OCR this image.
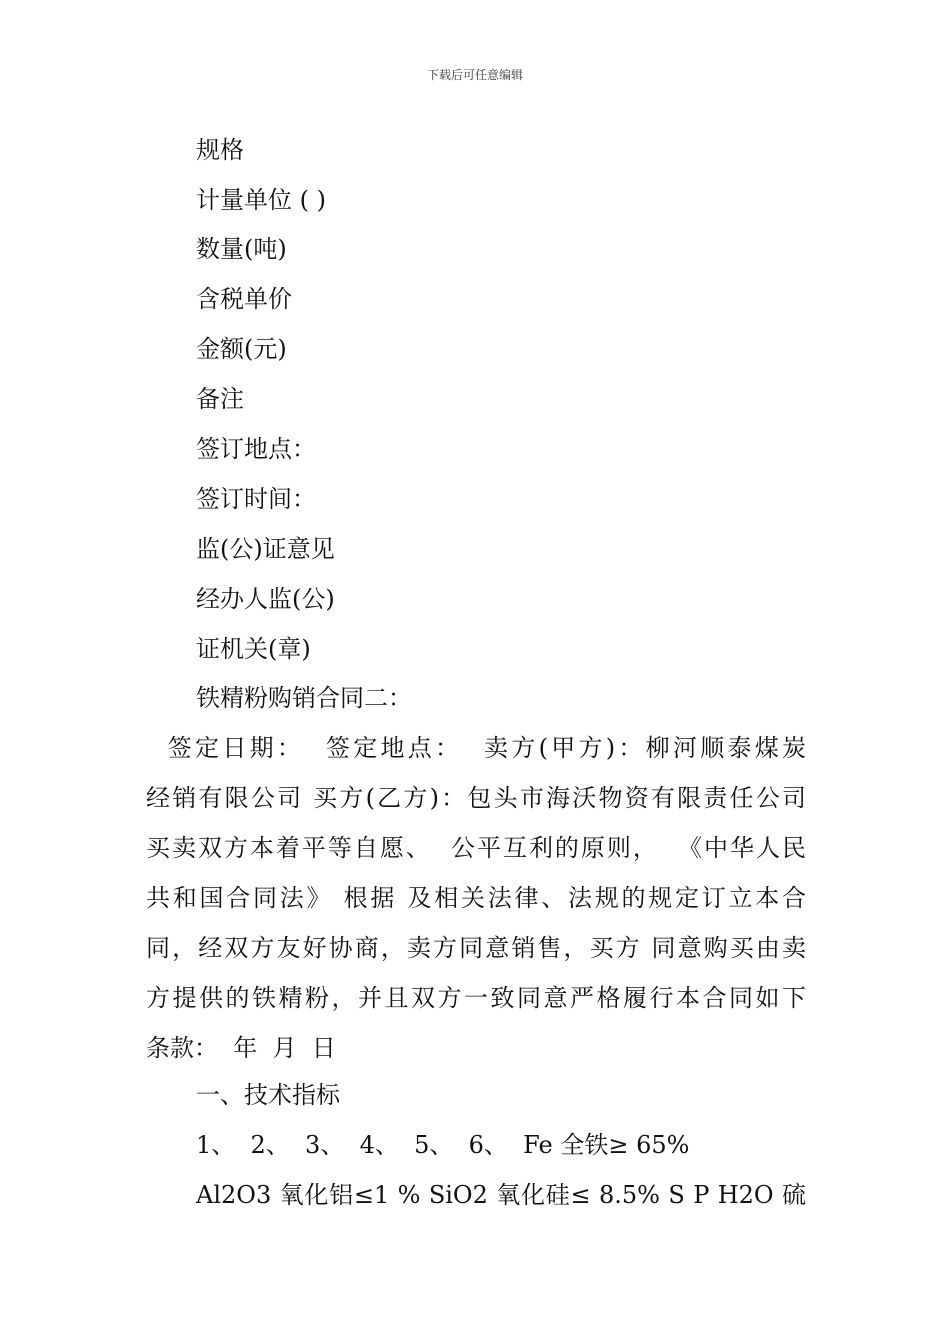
下载后可任意编辑
规格
计量单位 ( )
数量(吨)
含税单价
金额(元)
备注
签订地点：
签订时间：
监(公)证意见
经办人监(公)
证机关(章)
铁精粉购销合同二：
签定日期：  签定地点：  卖方(甲方)：柳河顺泰煤炭
经销有限公司 买方(乙方)：包头市海沃物资有限责任公司
买卖双方本着平等自愿、  公平互利的原则，  《中华人民
共和国合同法》 根据 及相关法律、法规的规定订立本合
同，经双方友好协商，卖方同意销售，买方 同意购买由卖
方提供的铁精粉，并且双方一致同意严格履行本合同如下
条款：  年  月  日
一、技术指标
1、  2、  3、  4、  5、  6、  Fe 全铁≥ 65%
Al2O3 氧化铝≤1 % SiO2 氧化硅≤ 8.5% S P H2O 硫
